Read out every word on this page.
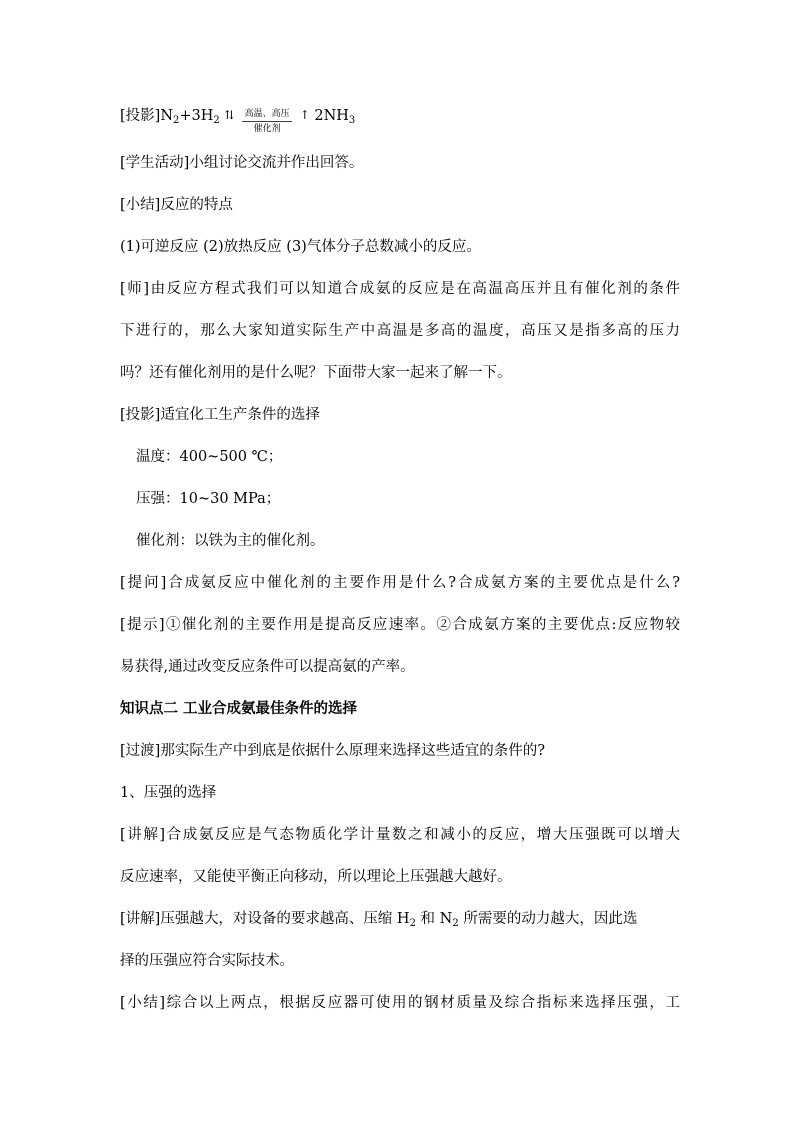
[投影]$N_2+3H_2$ ⇅ 高温、高压
催化剂
↑ $2NH_3$
[学生活动]小组讨论交流并作出回答。
[小结]反应的特点
(1)可逆反应 (2)放热反应 (3)气体分子总数减小的反应。
[师]由反应方程式我们可以知道合成氨的反应是在高温高压并且有催化剂的条件
下进行的，那么大家知道实际生产中高温是多高的温度，高压又是指多高的压力
吗？还有催化剂用的是什么呢？下面带大家一起来了解一下。
[投影]适宜化工生产条件的选择
温度：400~500 ℃；
压强：10~30 MPa；
催化剂：以铁为主的催化剂。
[提问]合成氨反应中催化剂的主要作用是什么?合成氨方案的主要优点是什么?
[提示]①催化剂的主要作用是提高反应速率。②合成氨方案的主要优点:反应物较
易获得,通过改变反应条件可以提高氨的产率。
知识点二 工业合成氨最佳条件的选择
[过渡]那实际生产中到底是依据什么原理来选择这些适宜的条件的?
1、压强的选择
[讲解]合成氨反应是气态物质化学计量数之和减小的反应，增大压强既可以增大
反应速率，又能使平衡正向移动，所以理论上压强越大越好。
[讲解]压强越大，对设备的要求越高、压缩 $H_2$ 和 $N_2$ 所需要的动力越大，因此选
择的压强应符合实际技术。
[小结]综合以上两点，根据反应器可使用的钢材质量及综合指标来选择压强，工
